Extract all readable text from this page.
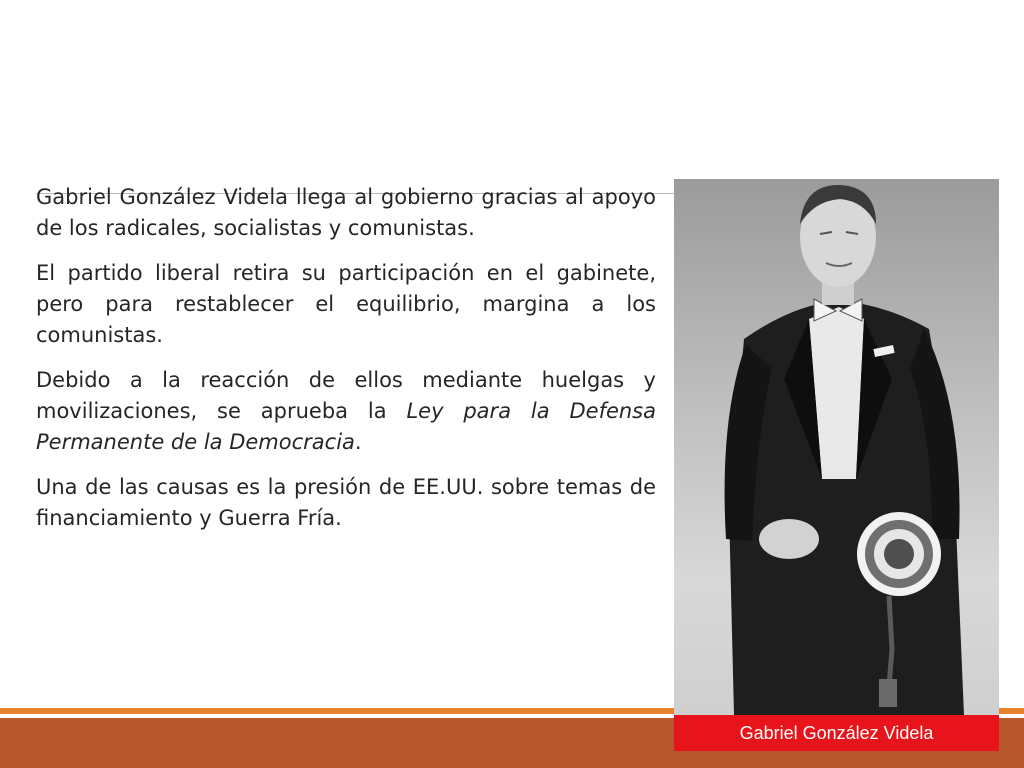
Gabriel González Videla llega al gobierno gracias al apoyo de los radicales, socialistas y comunistas.

El partido liberal retira su participación en el gabinete, pero para restablecer el equilibrio, margina a los comunistas.

Debido a la reacción de ellos mediante huelgas y movilizaciones, se aprueba la Ley para la Defensa Permanente de la Democracia.

Una de las causas es la presión de EE.UU. sobre temas de financiamiento y Guerra Fría.

Gabriel González Videla
